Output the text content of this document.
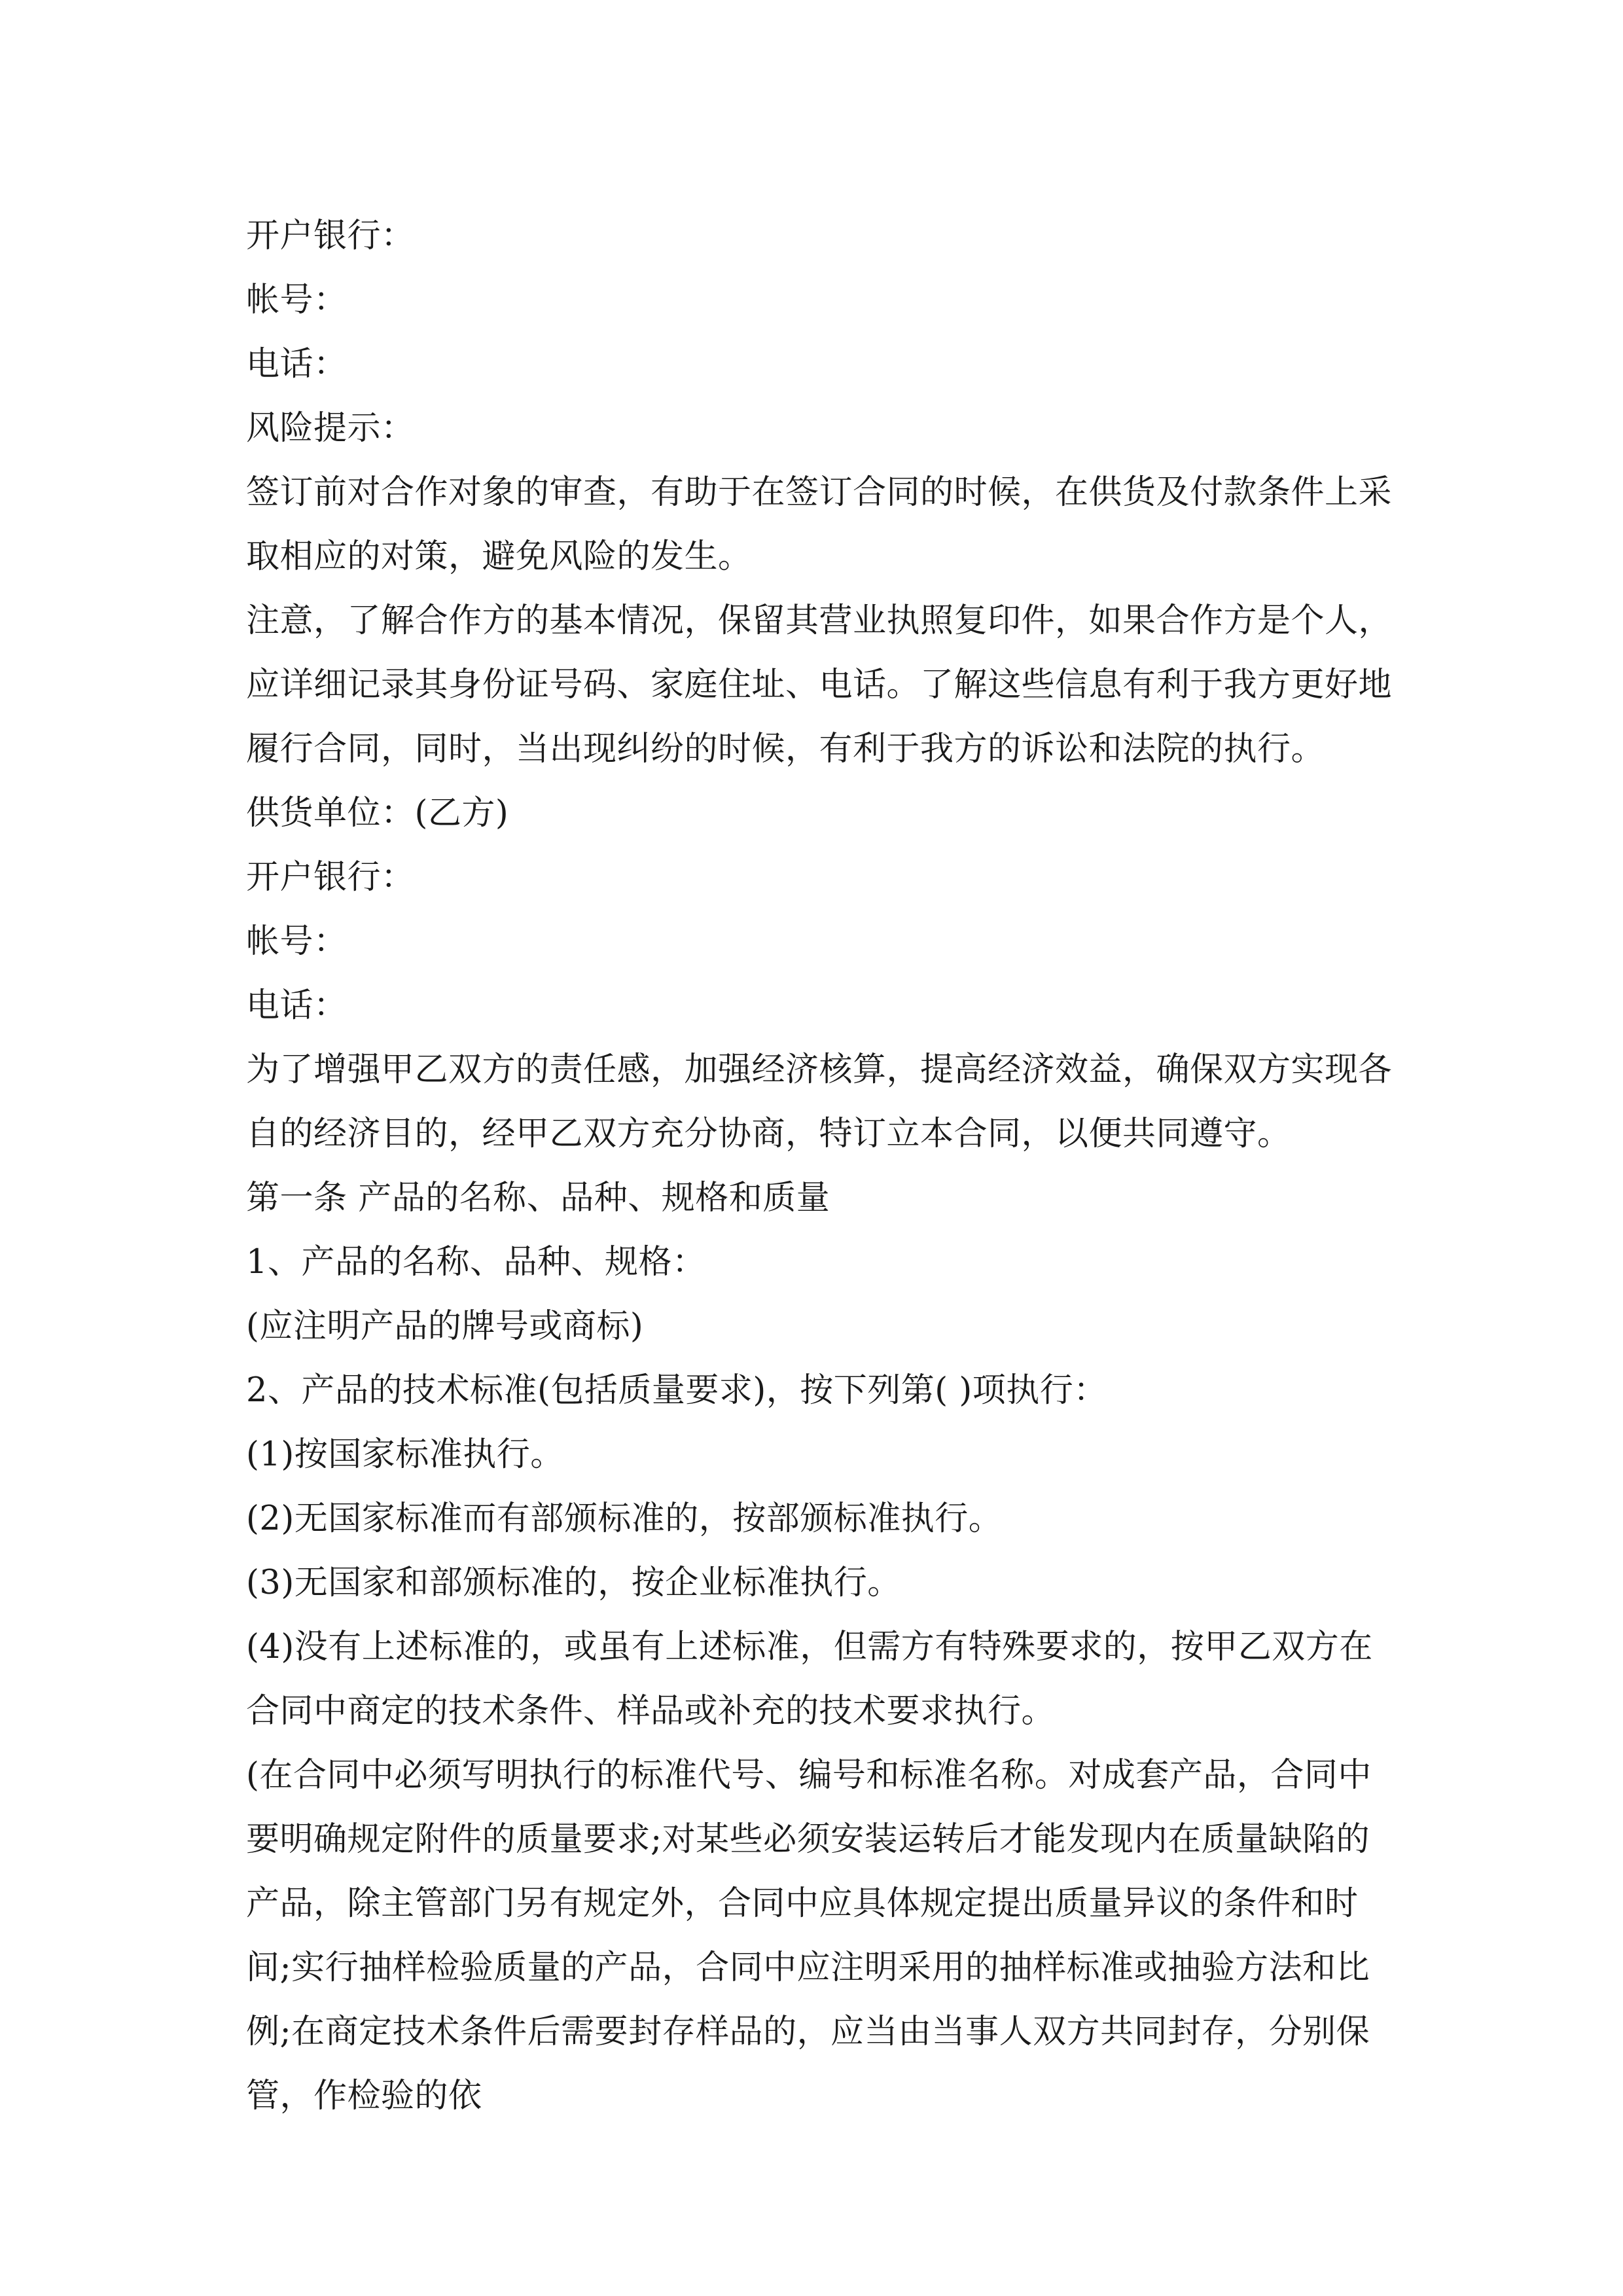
开户银行：

帐号：

电话：

风险提示：

签订前对合作对象的审查，有助于在签订合同的时候，在供货及付款条件上采取相应的对策，避免风险的发生。

注意，了解合作方的基本情况，保留其营业执照复印件，如果合作方是个人，应详细记录其身份证号码、家庭住址、电话。了解这些信息有利于我方更好地履行合同，同时，当出现纠纷的时候，有利于我方的诉讼和法院的执行。

供货单位：(乙方)

开户银行：

帐号：

电话：

为了增强甲乙双方的责任感，加强经济核算，提高经济效益，确保双方实现各自的经济目的，经甲乙双方充分协商，特订立本合同，以便共同遵守。

第一条 产品的名称、品种、规格和质量

1、产品的名称、品种、规格：

(应注明产品的牌号或商标)

2、产品的技术标准(包括质量要求)，按下列第( )项执行：

(1)按国家标准执行。

(2)无国家标准而有部颁标准的，按部颁标准执行。

(3)无国家和部颁标准的，按企业标准执行。

(4)没有上述标准的，或虽有上述标准，但需方有特殊要求的，按甲乙双方在合同中商定的技术条件、样品或补充的技术要求执行。

(在合同中必须写明执行的标准代号、编号和标准名称。对成套产品，合同中要明确规定附件的质量要求;对某些必须安装运转后才能发现内在质量缺陷的产品，除主管部门另有规定外，合同中应具体规定提出质量异议的条件和时间;实行抽样检验质量的产品，合同中应注明采用的抽样标准或抽验方法和比例;在商定技术条件后需要封存样品的，应当由当事人双方共同封存，分别保管，作检验的依
